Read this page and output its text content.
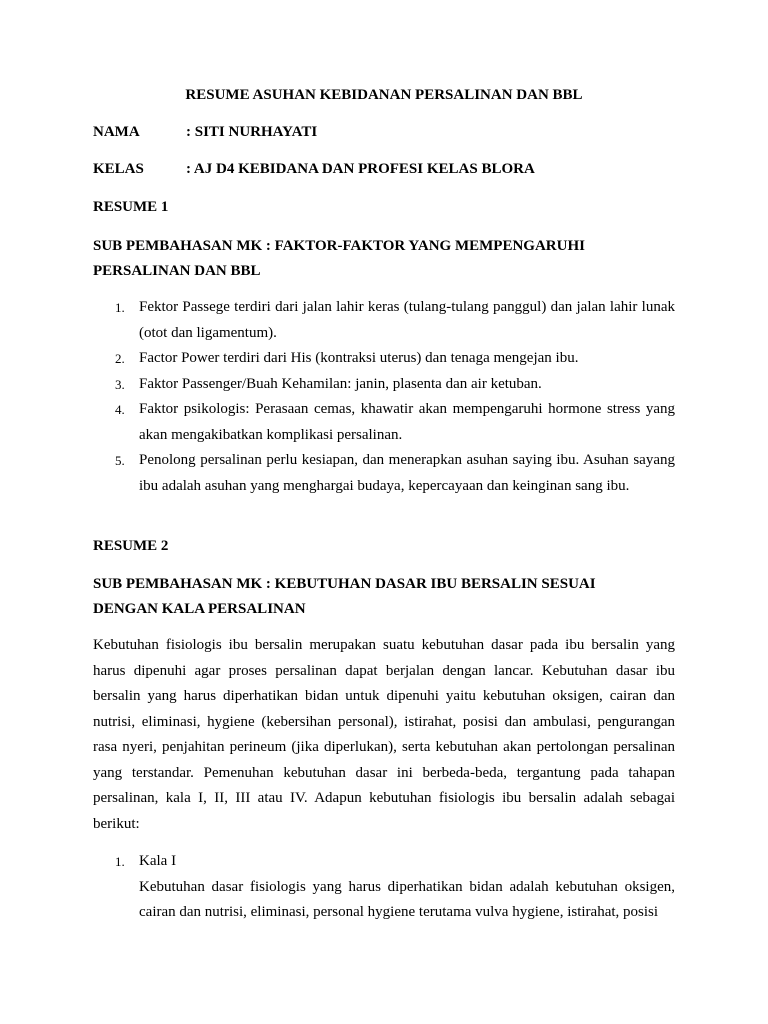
RESUME ASUHAN KEBIDANAN PERSALINAN DAN BBL
NAMA	: SITI NURHAYATI
KELAS	: AJ D4 KEBIDANA DAN PROFESI KELAS BLORA
RESUME 1
SUB PEMBAHASAN MK : FAKTOR-FAKTOR YANG MEMPENGARUHI PERSALINAN DAN BBL
1. Fektor Passege terdiri dari jalan lahir keras (tulang-tulang panggul) dan jalan lahir lunak (otot dan ligamentum).
2. Factor Power terdiri dari His (kontraksi uterus) dan tenaga mengejan ibu.
3. Faktor Passenger/Buah Kehamilan: janin, plasenta dan air ketuban.
4. Faktor psikologis: Perasaan cemas, khawatir akan mempengaruhi hormone stress yang akan mengakibatkan komplikasi persalinan.
5. Penolong persalinan perlu kesiapan, dan menerapkan asuhan saying ibu. Asuhan sayang ibu adalah asuhan yang menghargai budaya, kepercayaan dan keinginan sang ibu.
RESUME 2
SUB PEMBAHASAN MK : KEBUTUHAN DASAR IBU BERSALIN SESUAI DENGAN KALA PERSALINAN

Kebutuhan fisiologis ibu bersalin merupakan suatu kebutuhan dasar pada ibu bersalin yang harus dipenuhi agar proses persalinan dapat berjalan dengan lancar. Kebutuhan dasar ibu bersalin yang harus diperhatikan bidan untuk dipenuhi yaitu kebutuhan oksigen, cairan dan nutrisi, eliminasi, hygiene (kebersihan personal), istirahat, posisi dan ambulasi, pengurangan rasa nyeri, penjahitan perineum (jika diperlukan), serta kebutuhan akan pertolongan persalinan yang terstandar. Pemenuhan kebutuhan dasar ini berbeda-beda, tergantung pada tahapan persalinan, kala I, II, III atau IV. Adapun kebutuhan fisiologis ibu bersalin adalah sebagai berikut:

1. Kala I
Kebutuhan dasar fisiologis yang harus diperhatikan bidan adalah kebutuhan oksigen, cairan dan nutrisi, eliminasi, personal hygiene terutama vulva hygiene, istirahat, posisi
